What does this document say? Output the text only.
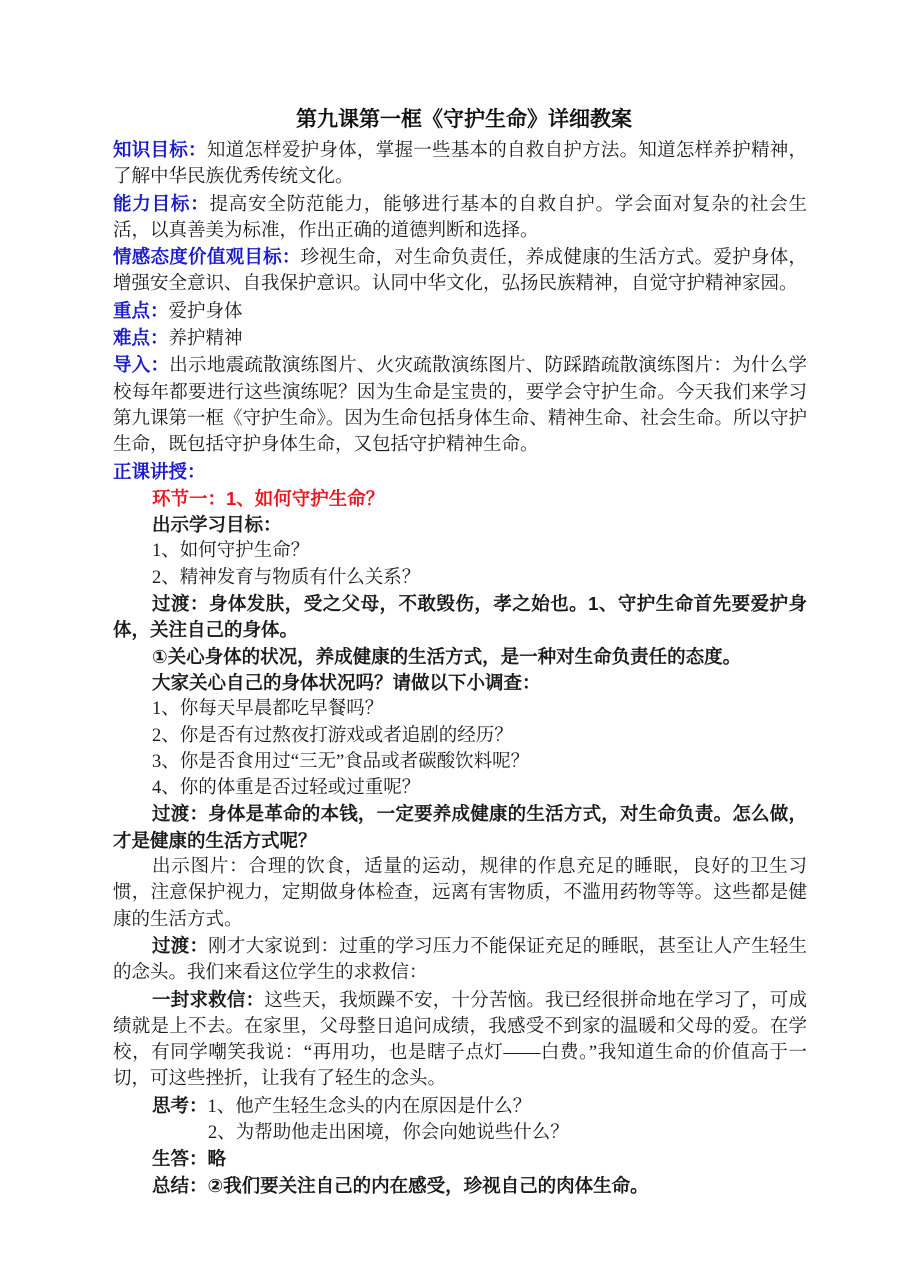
第九课第一框《守护生命》详细教案

知识目标：知道怎样爱护身体，掌握一些基本的自救自护方法。知道怎样养护精神，了解中华民族优秀传统文化。

能力目标：提高安全防范能力，能够进行基本的自救自护。学会面对复杂的社会生活，以真善美为标准，作出正确的道德判断和选择。

情感态度价值观目标：珍视生命，对生命负责任，养成健康的生活方式。爱护身体，增强安全意识、自我保护意识。认同中华文化，弘扬民族精神，自觉守护精神家园。

重点：爱护身体

难点：养护精神

导入：出示地震疏散演练图片、火灾疏散演练图片、防踩踏疏散演练图片：为什么学校每年都要进行这些演练呢？因为生命是宝贵的，要学会守护生命。今天我们来学习第九课第一框《守护生命》。因为生命包括身体生命、精神生命、社会生命。所以守护生命，既包括守护身体生命，又包括守护精神生命。

正课讲授：

环节一：1、如何守护生命？

出示学习目标：

1、如何守护生命？

2、精神发育与物质有什么关系？

过渡：身体发肤，受之父母，不敢毁伤，孝之始也。1、守护生命首先要爱护身体，关注自己的身体。

①关心身体的状况，养成健康的生活方式，是一种对生命负责任的态度。

大家关心自己的身体状况吗？请做以下小调查：

1、你每天早晨都吃早餐吗？

2、你是否有过熬夜打游戏或者追剧的经历？

3、你是否食用过“三无”食品或者碳酸饮料呢？

4、你的体重是否过轻或过重呢？

过渡：身体是革命的本钱，一定要养成健康的生活方式，对生命负责。怎么做，才是健康的生活方式呢？

出示图片：合理的饮食，适量的运动，规律的作息充足的睡眠，良好的卫生习惯，注意保护视力，定期做身体检查，远离有害物质，不滥用药物等等。这些都是健康的生活方式。

过渡：刚才大家说到：过重的学习压力不能保证充足的睡眠，甚至让人产生轻生的念头。我们来看这位学生的求救信：

一封求救信：这些天，我烦躁不安，十分苦恼。我已经很拼命地在学习了，可成绩就是上不去。在家里，父母整日追问成绩，我感受不到家的温暖和父母的爱。在学校，有同学嘲笑我说：“再用功，也是瞎子点灯——白费。”我知道生命的价值高于一切，可这些挫折，让我有了轻生的念头。

思考：1、他产生轻生念头的内在原因是什么？

2、为帮助他走出困境，你会向她说些什么？

生答：略

总结：②我们要关注自己的内在感受，珍视自己的肉体生命。
